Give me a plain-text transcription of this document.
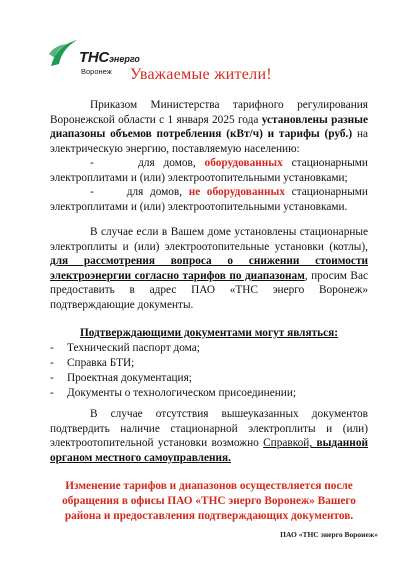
ТНСэнерго
Воронеж	Уважаемые жители!
Приказом Министерства тарифного регулирования Воронежской области с 1 января 2025 года установлены разные диапазоны объемов потребления (кВт/ч) и тарифы (руб.) на электрическую энергию, поставляемую населению:
-	для домов, оборудованных стационарными электроплитами и (или) электроотопительными установками;
-	для домов, не оборудованных стационарными электроплитами и (или) электроотопительными установками.
В случае если в Вашем доме установлены стационарные электроплиты и (или) электроотопительные установки (котлы), для рассмотрения вопроса о снижении стоимости электроэнергии согласно тарифов по диапазонам, просим Вас предоставить в адрес ПАО «ТНС энерго Воронеж» подтверждающие документы.
Подтверждающими документами могут являться:
-	Технический паспорт дома;
-	Справка БТИ;
-	Проектная документация;
-	Документы о технологическом присоединении;
В случае отсутствия вышеуказанных документов подтвердить наличие стационарной электроплиты и (или) электроотопительной установки возможно Справкой, выданной органом местного самоуправления.
Изменение тарифов и диапазонов осуществляется после обращения в офисы ПАО «ТНС энерго Воронеж» Вашего района и предоставления подтверждающих документов.
ПАО «ТНС энерго Воронеж»
